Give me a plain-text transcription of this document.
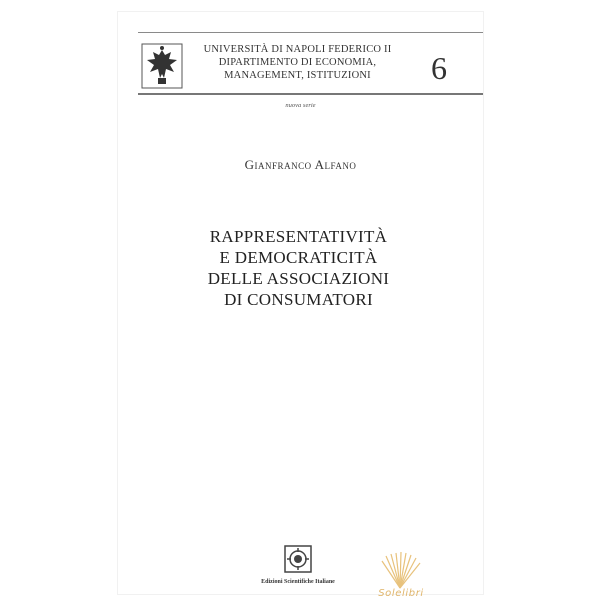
UNIVERSITÀ DI NAPOLI FEDERICO II
DIPARTIMENTO DI ECONOMIA,
MANAGEMENT, ISTITUZIONI	6
nuova serie
Gianfranco Alfano
RAPPRESENTATIVITÀ
E DEMOCRATICITÀ
DELLE ASSOCIAZIONI
DI CONSUMATORI
Edizioni Scientifiche Italiane
Solelibri
